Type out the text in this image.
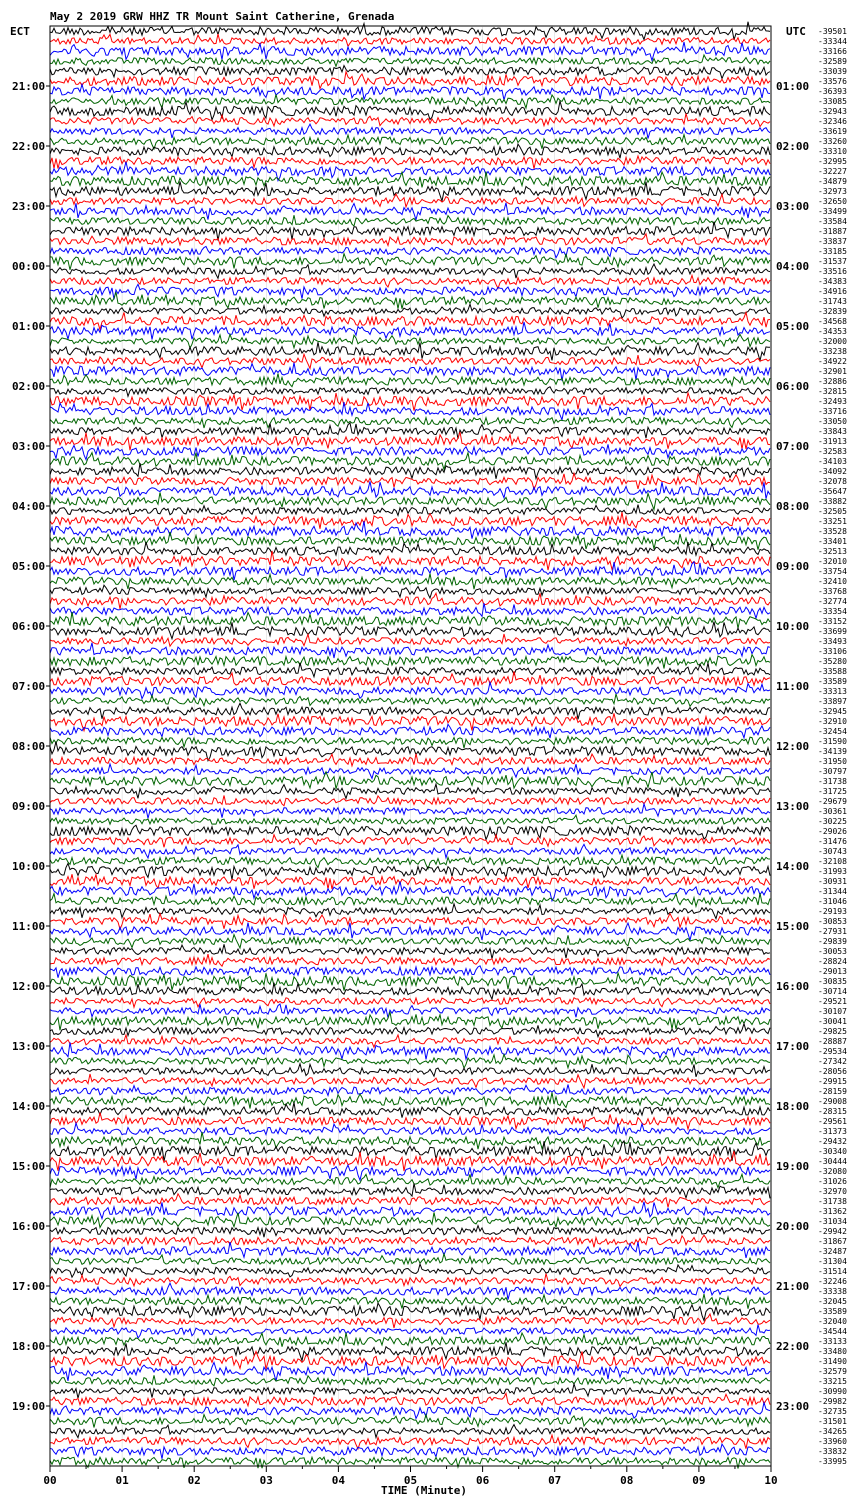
May 2 2019 GRW HHZ TR Mount Saint Catherine, Grenada
ECT	UTC
21:00
22:00
23:00
00:00
01:00
02:00
03:00
04:00
05:00
06:00
07:00
08:00
09:00
10:00
11:00
12:00
13:00
14:00
15:00
16:00
17:00
18:00
19:00
01:00
02:00
03:00
04:00
05:00
06:00
07:00
08:00
09:00
10:00
11:00
12:00
13:00
14:00
15:00
16:00
17:00
18:00
19:00
20:00
21:00
22:00
23:00
-39501
-33344
-33166
-32589
-33039
-33576
-36393
-33085
-32943
-32346
-33619
-33260
-33310
-32995
-32227
-34879
-32973
-32650
-33499
-33584
-31887
-33837
-33185
-31537
-33516
-34383
-34916
-31743
-32839
-34568
-34353
-32000
-33238
-34922
-32901
-32886
-32815
-32493
-33716
-33050
-33843
-31913
-32583
-34103
-34092
-32078
-35647
-33882
-32505
-33251
-33528
-33401
-32513
-32010
-33754
-32410
-33768
-32774
-33354
-33152
-33699
-33493
-33106
-35280
-33588
-33589
-33313
-33897
-32945
-32910
-32454
-31590
-34139
-31950
-30797
-31738
-31725
-29679
-30361
-30225
-29026
-31476
-30743
-32108
-31993
-30931
-31344
-31046
-29193
-30853
-27931
-29839
-30053
-28824
-29013
-30835
-30714
-29521
-30107
-30041
-29825
-28887
-29534
-27342
-28056
-29915
-28159
-29008
-28315
-29561
-31373
-29432
-30340
-30444
-32080
-31026
-32970
-31738
-31362
-31034
-29942
-31867
-32487
-31304
-31514
-32246
-33338
-32045
-33589
-32040
-34544
-33133
-33480
-31490
-32579
-33215
-30990
-29982
-32735
-31501
-34265
-33960
-33832
-33995
00	01	02	03	04	05	06	07	08	09	10
TIME (Minute)
